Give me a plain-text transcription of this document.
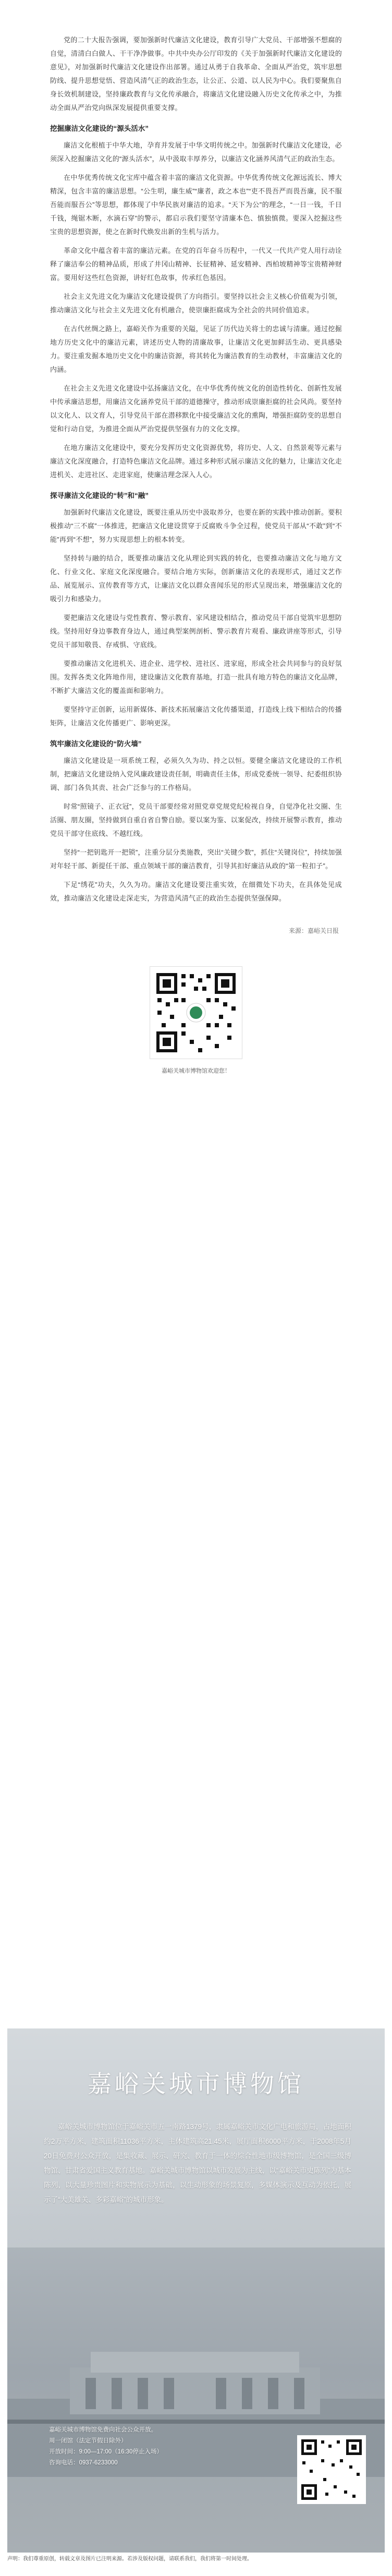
党的二十大报告强调，要加强新时代廉洁文化建设，教育引导广大党员、干部增强不想腐的自觉，清清白白做人、干干净净做事。中共中央办公厅印发的《关于加强新时代廉洁文化建设的意见》，对加强新时代廉洁文化建设作出部署。通过从勇于自我革命、全面从严治党，筑牢思想防线、提升思想觉悟、营造风清气正的政治生态，让公正、公道、以人民为中心。我们要聚焦自身长效机制建设，坚持廉政教育与文化传承融合，将廉洁文化建设融入历史文化传承之中，为推动全面从严治党向纵深发展提供重要支撑。

挖掘廉洁文化建设的“源头活水”

廉洁文化根植于中华大地，孕育并发展于中华文明传统之中。加强新时代廉洁文化建设，必须深入挖掘廉洁文化的“源头活水”，从中汲取丰厚养分，以廉洁文化涵养风清气正的政治生态。

在中华优秀传统文化宝库中蕴含着丰富的廉洁文化资源。中华优秀传统文化源远流长、博大精深，包含丰富的廉洁思想。“公生明，廉生威”“廉者，政之本也”“吏不畏吾严而畏吾廉，民不服吾能而服吾公”等思想，都体现了中华民族对廉洁的追求。“天下为公”的理念，“一日一钱，千日千钱，绳锯木断，水滴石穿”的警示，都启示我们要坚守清廉本色、慎独慎微。要深入挖掘这些宝贵的思想资源，使之在新时代焕发出新的生机与活力。

革命文化中蕴含着丰富的廉洁元素。在党的百年奋斗历程中，一代又一代共产党人用行动诠释了廉洁奉公的精神品质，形成了井冈山精神、长征精神、延安精神、西柏坡精神等宝贵精神财富。要用好这些红色资源，讲好红色故事，传承红色基因。

社会主义先进文化为廉洁文化建设提供了方向指引。要坚持以社会主义核心价值观为引领，推动廉洁文化与社会主义先进文化有机融合，使崇廉拒腐成为全社会的共同价值追求。

在古代丝绸之路上，嘉峪关作为重要的关隘，见证了历代边关将士的忠诚与清廉。通过挖掘地方历史文化中的廉洁元素，讲述历史人物的清廉故事，让廉洁文化更加鲜活生动、更具感染力。要注重发掘本地历史文化中的廉洁资源，将其转化为廉洁教育的生动教材，丰富廉洁文化的内涵。

在社会主义先进文化建设中弘扬廉洁文化，在中华优秀传统文化的创造性转化、创新性发展中传承廉洁思想，用廉洁文化涵养党员干部的道德操守，推动形成崇廉拒腐的社会风尚。要坚持以文化人、以文育人，引导党员干部在潜移默化中接受廉洁文化的熏陶，增强拒腐防变的思想自觉和行动自觉，为推进全面从严治党提供坚强有力的文化支撑。

在地方廉洁文化建设中，要充分发挥历史文化资源优势，将历史、人文、自然景观等元素与廉洁文化深度融合，打造特色廉洁文化品牌。通过多种形式展示廉洁文化的魅力，让廉洁文化走进机关、走进社区、走进家庭，使廉洁理念深入人心。

探寻廉洁文化建设的“转”和“融”

加强新时代廉洁文化建设，既要注重从历史中汲取养分，也要在新的实践中推动创新。要积极推动“三不腐”一体推进，把廉洁文化建设贯穿于反腐败斗争全过程，使党员干部从“不敢”到“不能”再到“不想”，努力实现思想上的根本转变。

坚持转与融的结合，既要推动廉洁文化从理论到实践的转化，也要推动廉洁文化与地方文化、行业文化、家庭文化深度融合。要结合地方实际，创新廉洁文化的表现形式，通过文艺作品、展览展示、宣传教育等方式，让廉洁文化以群众喜闻乐见的形式呈现出来，增强廉洁文化的吸引力和感染力。

要把廉洁文化建设与党性教育、警示教育、家风建设相结合，推动党员干部自觉筑牢思想防线。坚持用好身边事教育身边人，通过典型案例剖析、警示教育片观看、廉政讲座等形式，引导党员干部知敬畏、存戒惧、守底线。

要推动廉洁文化进机关、进企业、进学校、进社区、进家庭，形成全社会共同参与的良好氛围。发挥各类文化阵地作用，建设廉洁文化教育基地，打造一批具有地方特色的廉洁文化品牌，不断扩大廉洁文化的覆盖面和影响力。

要坚持守正创新，运用新媒体、新技术拓展廉洁文化传播渠道，打造线上线下相结合的传播矩阵，让廉洁文化传播更广、影响更深。

筑牢廉洁文化建设的“防火墙”

廉洁文化建设是一项系统工程，必须久久为功、持之以恒。要健全廉洁文化建设的工作机制，把廉洁文化建设纳入党风廉政建设责任制，明确责任主体，形成党委统一领导、纪委组织协调、部门各负其责、社会广泛参与的工作格局。

时常“照镜子、正衣冠”，党员干部要经常对照党章党规党纪检视自身，自觉净化社交圈、生活圈、朋友圈，坚持做到自重自省自警自励。要以案为鉴、以案促改，持续开展警示教育，推动党员干部守住底线、不越红线。

坚持“一把钥匙开一把锁”，注重分层分类施教，突出“关键少数”，抓住“关键岗位”，持续加强对年轻干部、新提任干部、重点领域干部的廉洁教育，引导其扣好廉洁从政的“第一粒扣子”。

下足“绣花”功夫，久久为功。廉洁文化建设要注重实效，在细微处下功夫，在具体处见成效，推动廉洁文化建设走深走实，为营造风清气正的政治生态提供坚强保障。

来源：嘉峪关日报
嘉峪关城市博物馆欢迎您！
嘉峪关城市博物馆
嘉峪关城市博物馆位于嘉峪关市五一南路1379号，隶属嘉峪关市文化广电和旅游局，占地面积约2万平方米，建筑面积11036平方米，主体建筑高21.45米，展厅面积6000平方米，于2008年5月20日免费对公众开放，是集收藏、展示、研究、教育于一体的综合性地市级博物馆，是全国三级博物馆、甘肃省爱国主义教育基地。嘉峪关城市博物馆以城市发展为主线，以“嘉峪关市史陈列”为基本陈列，以大量珍贵图片和实物展示为基础，以生动形象的场景复原，多媒体演示及互动为依托，展示了“大美雄关、多彩嘉峪”的城市形象。
嘉峪关城市博物馆免费向社会公众开放。
周一闭馆（法定节假日除外）
开放时间：9:00—17:00（16:30停止入场）
咨询电话：0937-6233000
声明：我们尊重原创，转载文章及图片已注明来源。若涉及版权问题，请联系我们，我们将第一时间处理。
